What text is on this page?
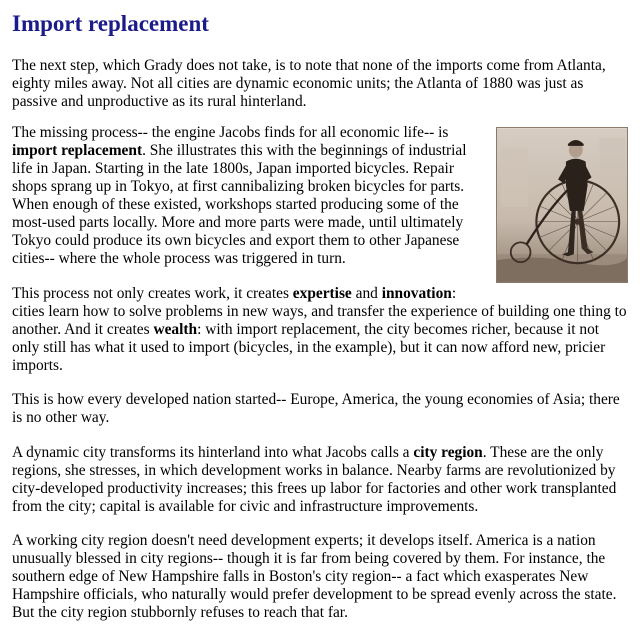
Import replacement

The next step, which Grady does not take, is to note that none of the imports come from Atlanta, eighty miles away. Not all cities are dynamic economic units; the Atlanta of 1880 was just as passive and unproductive as its rural hinterland.

The missing process-- the engine Jacobs finds for all economic life-- is import replacement. She illustrates this with the beginnings of industrial life in Japan. Starting in the late 1800s, Japan imported bicycles. Repair shops sprang up in Tokyo, at first cannibalizing broken bicycles for parts. When enough of these existed, workshops started producing some of the most-used parts locally. More and more parts were made, until ultimately Tokyo could produce its own bicycles and export them to other Japanese cities-- where the whole process was triggered in turn.

This process not only creates work, it creates expertise and innovation: cities learn how to solve problems in new ways, and transfer the experience of building one thing to another. And it creates wealth: with import replacement, the city becomes richer, because it not only still has what it used to import (bicycles, in the example), but it can now afford new, pricier imports.

This is how every developed nation started-- Europe, America, the young economies of Asia; there is no other way.

A dynamic city transforms its hinterland into what Jacobs calls a city region. These are the only regions, she stresses, in which development works in balance. Nearby farms are revolutionized by city-developed productivity increases; this frees up labor for factories and other work transplanted from the city; capital is available for civic and infrastructure improvements.

A working city region doesn't need development experts; it develops itself. America is a nation unusually blessed in city regions-- though it is far from being covered by them. For instance, the southern edge of New Hampshire falls in Boston's city region-- a fact which exasperates New Hampshire officials, who naturally would prefer development to be spread evenly across the state. But the city region stubbornly refuses to reach that far.
